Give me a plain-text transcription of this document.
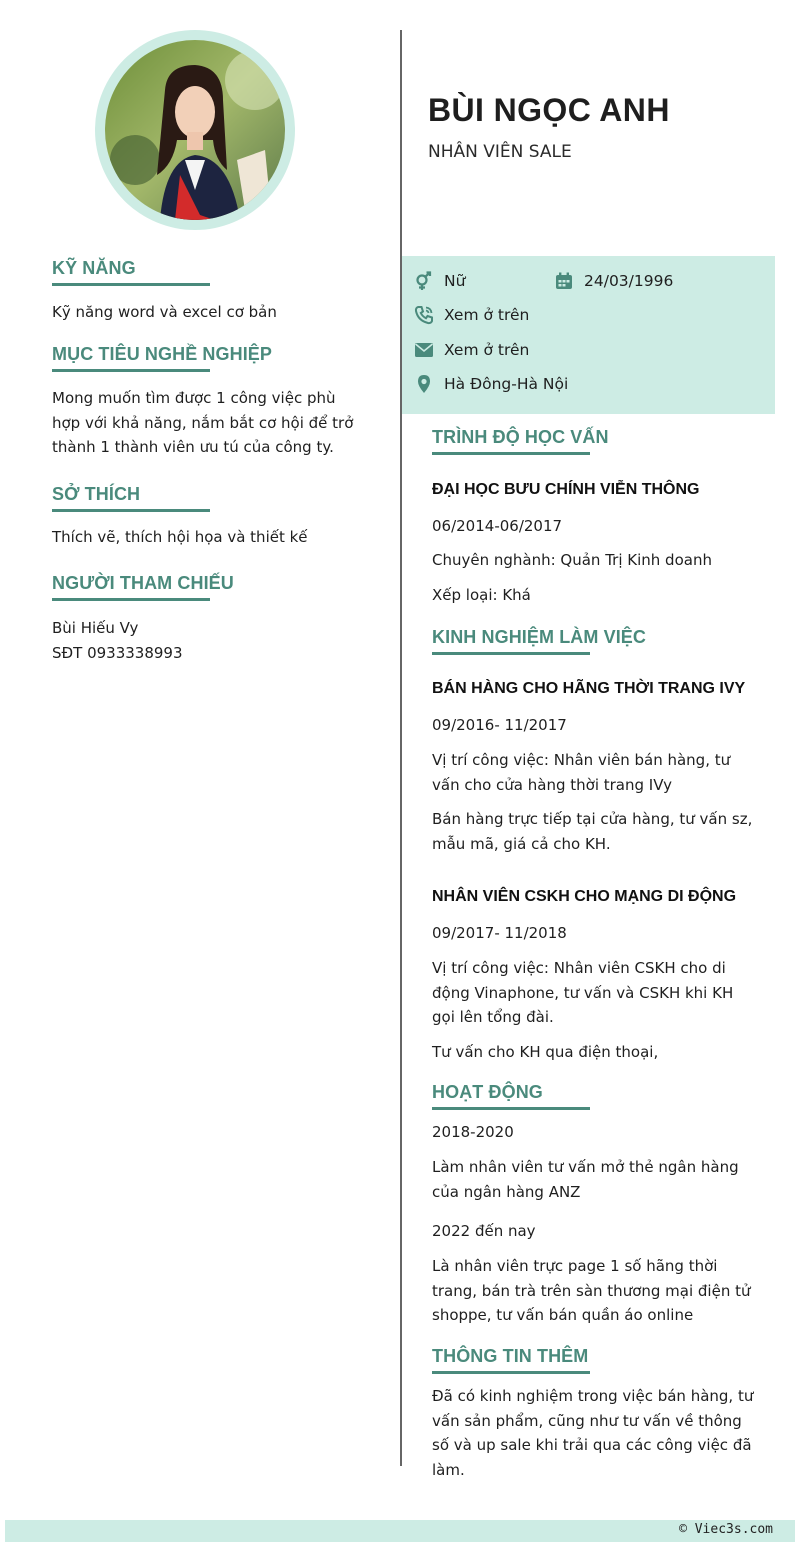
KỸ NĂNG
Kỹ năng word và excel cơ bản
MỤC TIÊU NGHỀ NGHIỆP
Mong muốn tìm được 1 công việc phù
hợp với khả năng, nắm bắt cơ hội để trở
thành 1 thành viên ưu tú của công ty.
SỞ THÍCH
Thích vẽ, thích hội họa và thiết kế
NGƯỜI THAM CHIẾU
Bùi Hiếu Vy
SĐT 0933338993
BÙI NGỌC ANH
NHÂN VIÊN SALE
Nữ	24/03/1996
Xem ở trên
Xem ở trên
Hà Đông-Hà Nội
TRÌNH ĐỘ HỌC VẤN
ĐẠI HỌC BƯU CHÍNH VIỄN THÔNG
06/2014-06/2017
Chuyên nghành: Quản Trị Kinh doanh
Xếp loại: Khá
KINH NGHIỆM LÀM VIỆC
BÁN HÀNG CHO HÃNG THỜI TRANG IVY
09/2016- 11/2017
Vị trí công việc: Nhân viên bán hàng, tư
vấn cho cửa hàng thời trang IVy
Bán hàng trực tiếp tại cửa hàng, tư vấn sz,
mẫu mã, giá cả cho KH.
NHÂN VIÊN CSKH CHO MẠNG DI ĐỘNG
09/2017- 11/2018
Vị trí công việc: Nhân viên CSKH cho di
động Vinaphone, tư vấn và CSKH khi KH
gọi lên tổng đài.
Tư vấn cho KH qua điện thoại,
HOẠT ĐỘNG
2018-2020
Làm nhân viên tư vấn mở thẻ ngân hàng
của ngân hàng ANZ
2022 đến nay
Là nhân viên trực page 1 số hãng thời
trang, bán trà trên sàn thương mại điện tử
shoppe, tư vấn bán quần áo online
THÔNG TIN THÊM
Đã có kinh nghiệm trong việc bán hàng, tư
vấn sản phẩm, cũng như tư vấn về thông
số và up sale khi trải qua các công việc đã
làm.
© Viec3s.com
